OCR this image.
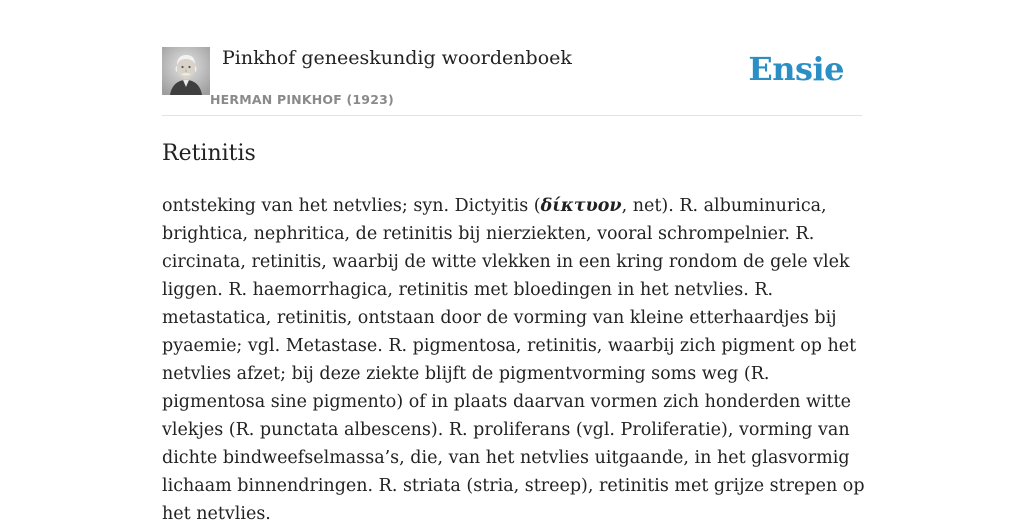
Pinkhof geneeskundig woordenboek
HERMAN PINKHOF (1923)
Ensie
Retinitis

ontsteking van het netvlies; syn. Dictyitis (δίκτυον, net). R. albuminurica, brightica, nephritica, de retinitis bij nierziekten, vooral schrompelnier. R. circinata, retinitis, waarbij de witte vlekken in een kring rondom de gele vlek liggen. R. haemorrhagica, retinitis met bloedingen in het netvlies. R. metastatica, retinitis, ontstaan door de vorming van kleine etterhaardjes bij pyaemie; vgl. Metastase. R. pigmentosa, retinitis, waarbij zich pigment op het netvlies afzet; bij deze ziekte blijft de pigmentvorming soms weg (R. pigmentosa sine pigmento) of in plaats daarvan vormen zich honderden witte vlekjes (R. punctata albescens). R. proliferans (vgl. Proliferatie), vorming van dichte bindweefselmassa’s, die, van het netvlies uitgaande, in het glasvormig lichaam binnendringen. R. striata (stria, streep), retinitis met grijze strepen op het netvlies.
